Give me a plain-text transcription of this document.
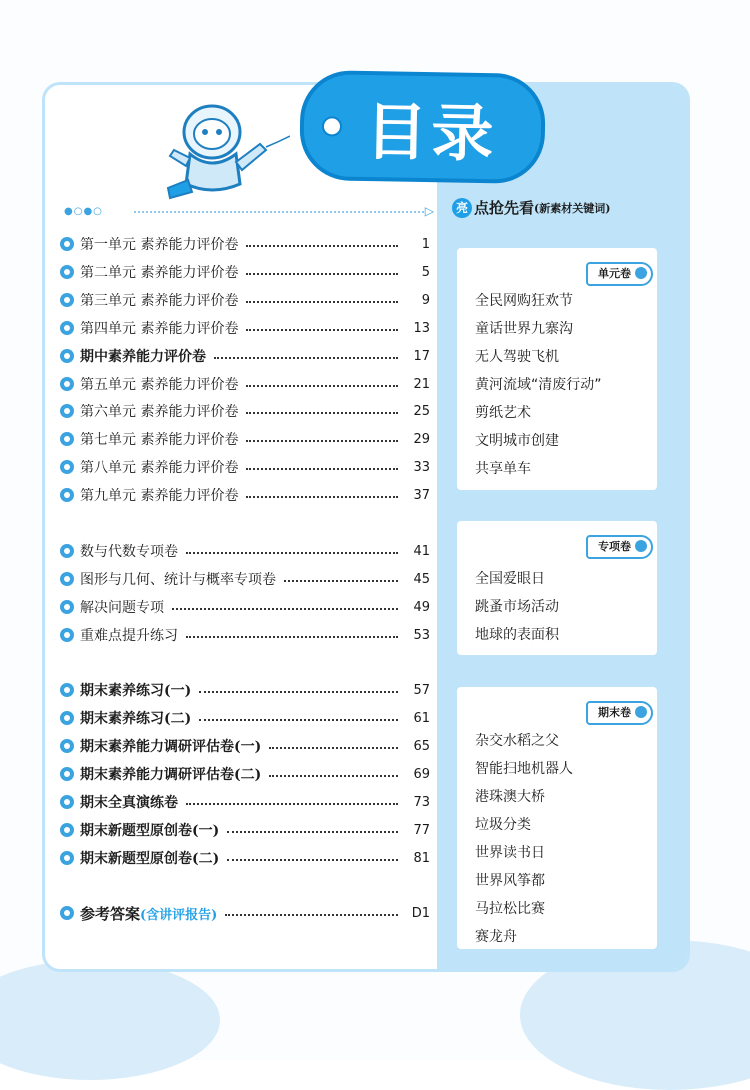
目录
●○●○	▷
第一单元 素养能力评价卷	1
第二单元 素养能力评价卷	5
第三单元 素养能力评价卷	9
第四单元 素养能力评价卷	13
期中素养能力评价卷	17
第五单元 素养能力评价卷	21
第六单元 素养能力评价卷	25
第七单元 素养能力评价卷	29
第八单元 素养能力评价卷	33
第九单元 素养能力评价卷	37
数与代数专项卷	41
图形与几何、统计与概率专项卷	45
解决问题专项	49
重难点提升练习	53
期末素养练习(一)	57
期末素养练习(二)	61
期末素养能力调研评估卷(一)	65
期末素养能力调研评估卷(二)	69
期末全真演练卷	73
期末新题型原创卷(一)	77
期末新题型原创卷(二)	81
参考答案 (含讲评报告)	D1
亮 点抢先看 (新素材关键词)
单元卷
全民网购狂欢节
童话世界九寨沟
无人驾驶飞机
黄河流域“清废行动”
剪纸艺术
文明城市创建
共享单车
专项卷
全国爱眼日
跳蚤市场活动
地球的表面积
期末卷
杂交水稻之父
智能扫地机器人
港珠澳大桥
垃圾分类
世界读书日
世界风筝都
马拉松比赛
赛龙舟
